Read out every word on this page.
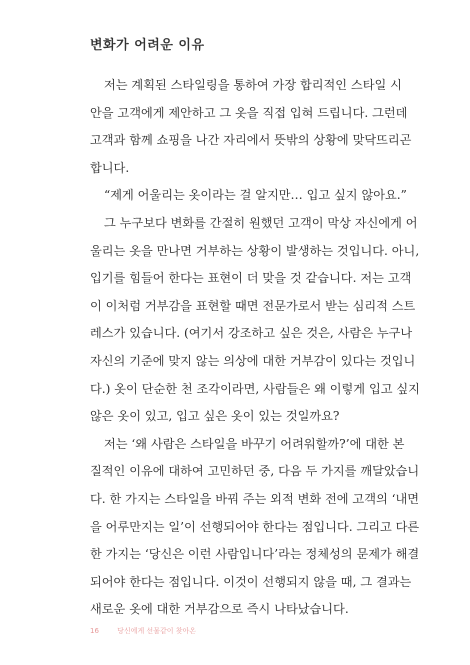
변화가 어려운 이유
저는 계획된 스타일링을 통하여 가장 합리적인 스타일 시
안을 고객에게 제안하고 그 옷을 직접 입혀 드립니다. 그런데
고객과 함께 쇼핑을 나간 자리에서 뜻밖의 상황에 맞닥뜨리곤
합니다.
“제게 어울리는 옷이라는 걸 알지만… 입고 싶지 않아요.”
그 누구보다 변화를 간절히 원했던 고객이 막상 자신에게 어
울리는 옷을 만나면 거부하는 상황이 발생하는 것입니다. 아니,
입기를 힘들어 한다는 표현이 더 맞을 것 같습니다. 저는 고객
이 이처럼 거부감을 표현할 때면 전문가로서 받는 심리적 스트
레스가 있습니다. (여기서 강조하고 싶은 것은, 사람은 누구나
자신의 기준에 맞지 않는 의상에 대한 거부감이 있다는 것입니
다.) 옷이 단순한 천 조각이라면, 사람들은 왜 이렇게 입고 싶지
않은 옷이 있고, 입고 싶은 옷이 있는 것일까요?
저는 ‘왜 사람은 스타일을 바꾸기 어려워할까?’에 대한 본
질적인 이유에 대하여 고민하던 중, 다음 두 가지를 깨달았습니
다. 한 가지는 스타일을 바꿔 주는 외적 변화 전에 고객의 ‘내면
을 어루만지는 일’이 선행되어야 한다는 점입니다. 그리고 다른
한 가지는 ‘당신은 이런 사람입니다’라는 정체성의 문제가 해결
되어야 한다는 점입니다. 이것이 선행되지 않을 때, 그 결과는
새로운 옷에 대한 거부감으로 즉시 나타났습니다.
16	당신에게 선물같이 찾아온
